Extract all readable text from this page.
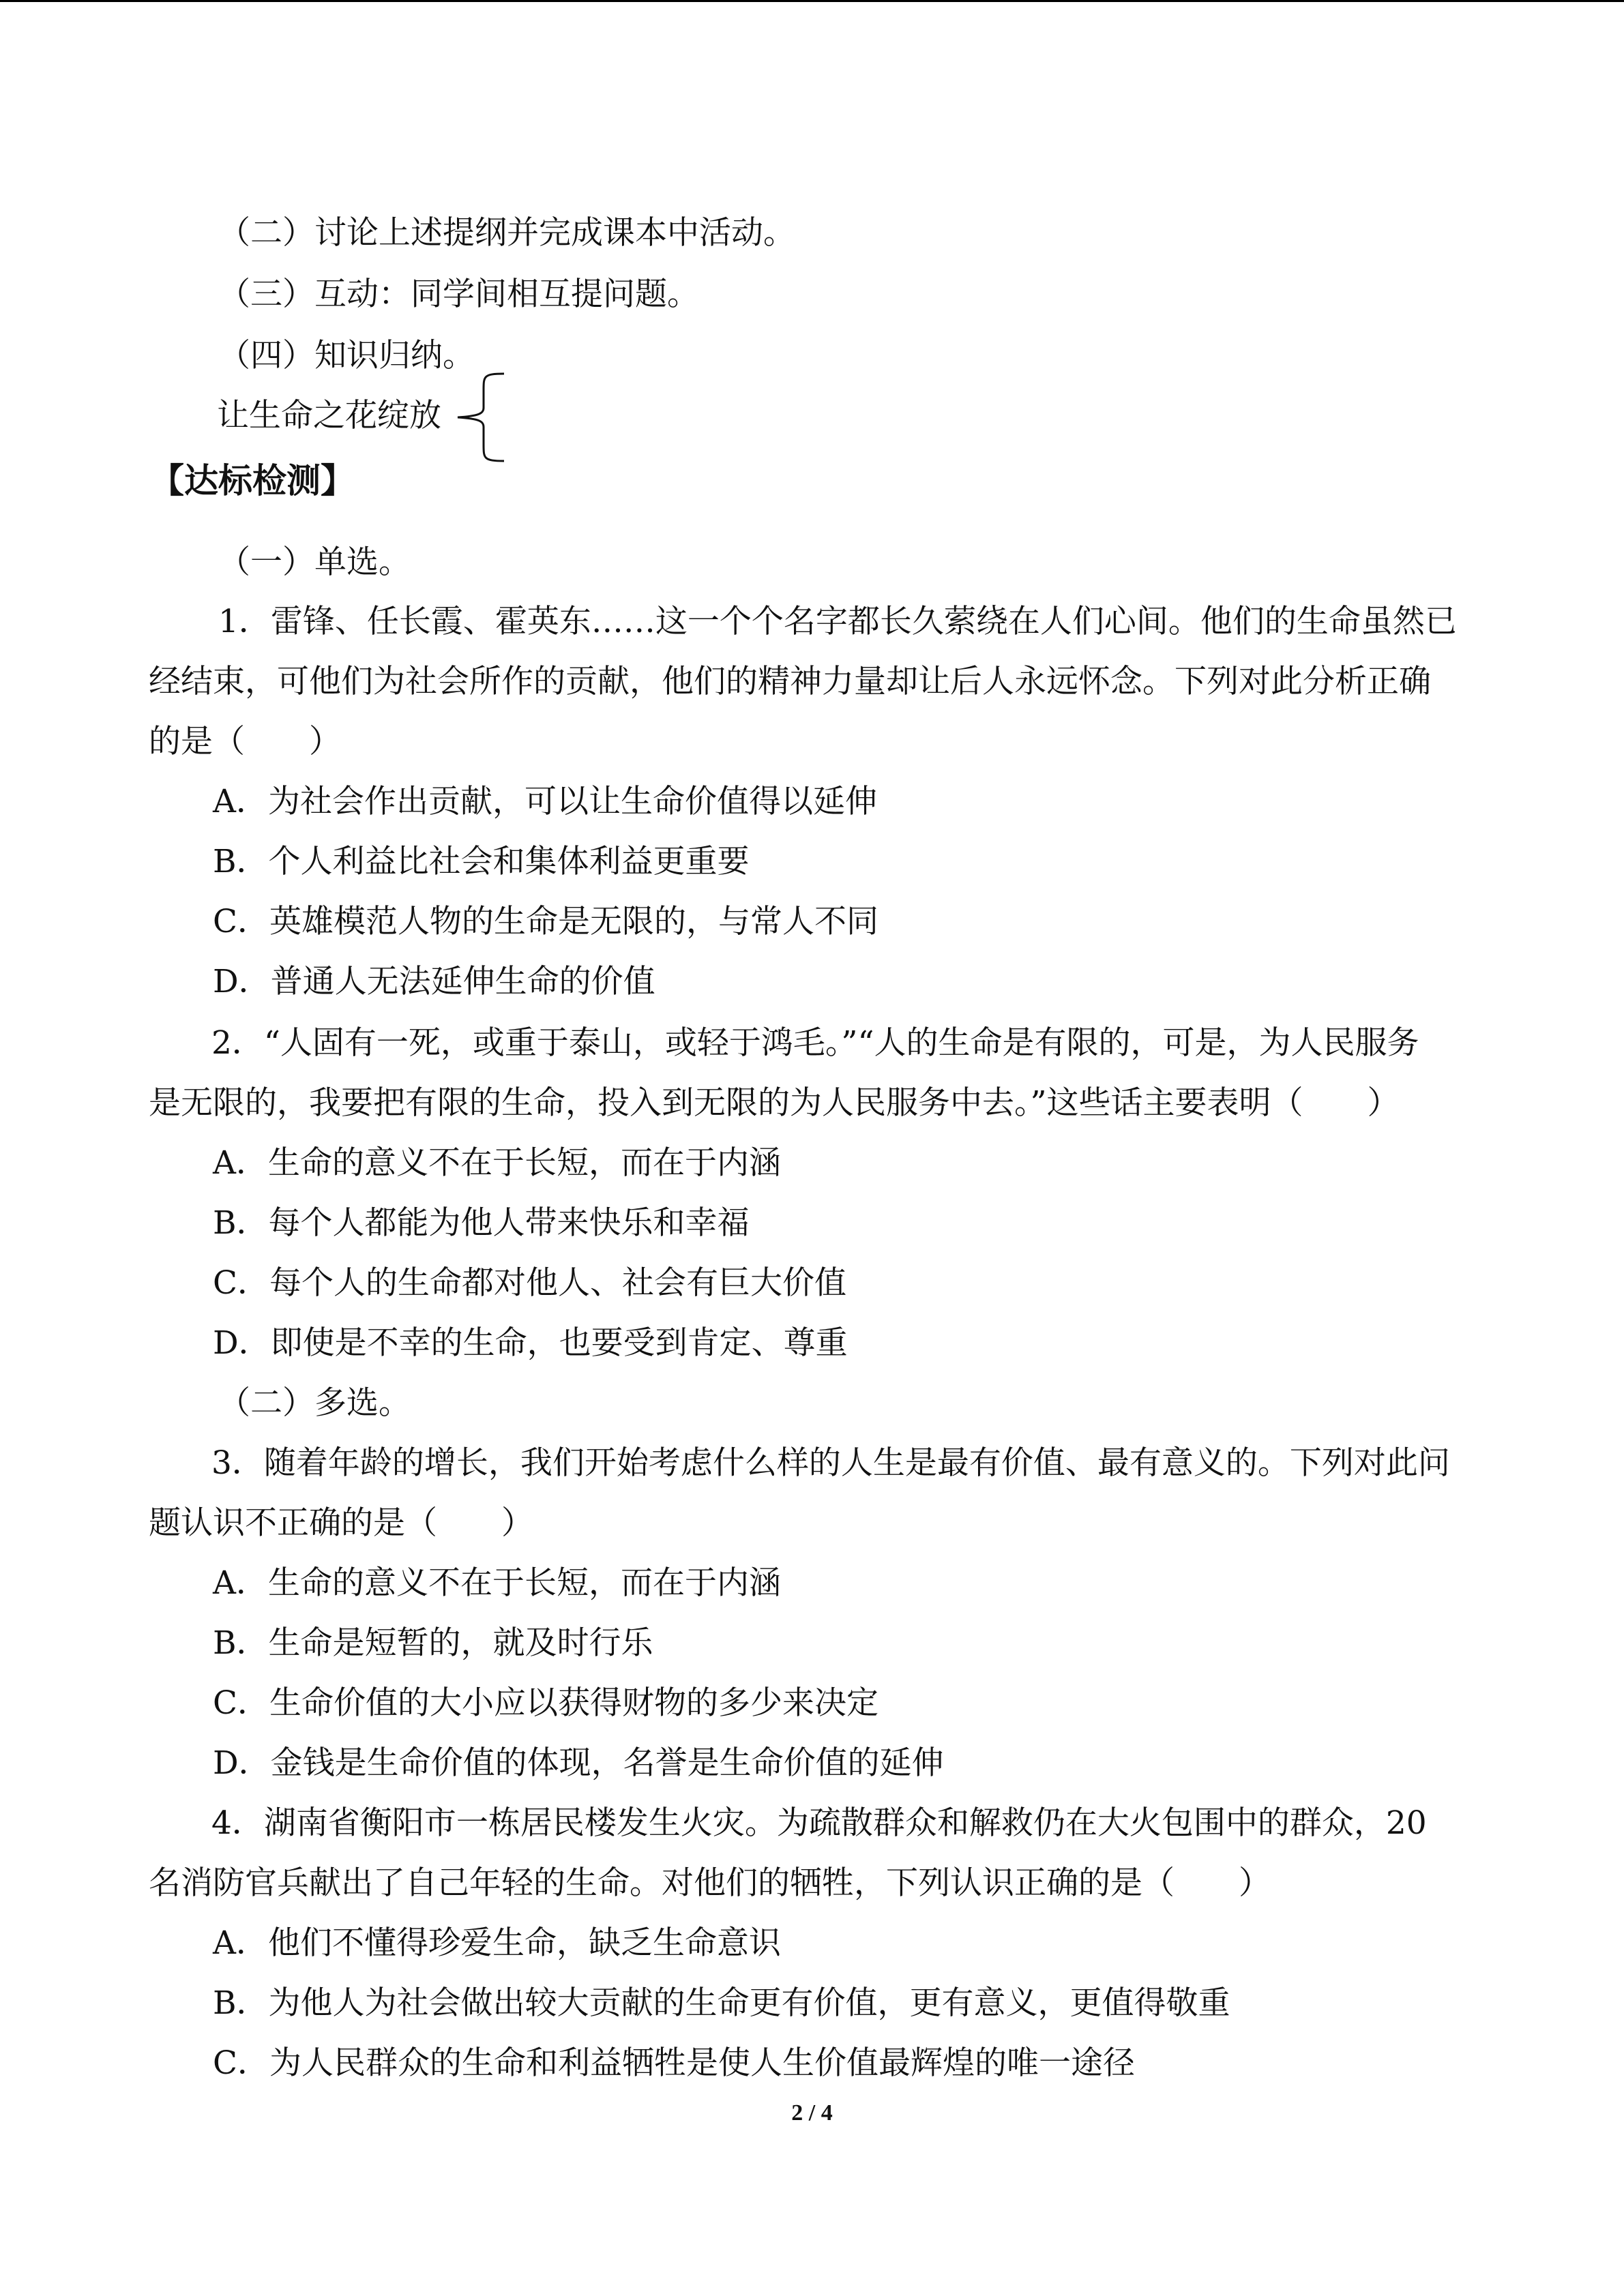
（二）讨论上述提纲并完成课本中活动。
（三）互动：同学间相互提问题。
（四）知识归纳。
让生命之花绽放
【达标检测】
（一）单选。
1．雷锋、任长霞、霍英东……这一个个名字都长久萦绕在人们心间。他们的生命虽然已
经结束，可他们为社会所作的贡献，他们的精神力量却让后人永远怀念。下列对此分析正确
的是（　　）
A．为社会作出贡献，可以让生命价值得以延伸
B．个人利益比社会和集体利益更重要
C．英雄模范人物的生命是无限的，与常人不同
D．普通人无法延伸生命的价值
2．“人固有一死，或重于泰山，或轻于鸿毛。”“人的生命是有限的，可是，为人民服务
是无限的，我要把有限的生命，投入到无限的为人民服务中去。”这些话主要表明（　　）
A．生命的意义不在于长短，而在于内涵
B．每个人都能为他人带来快乐和幸福
C．每个人的生命都对他人、社会有巨大价值
D．即使是不幸的生命，也要受到肯定、尊重
（二）多选。
3．随着年龄的增长，我们开始考虑什么样的人生是最有价值、最有意义的。下列对此问
题认识不正确的是（　　）
A．生命的意义不在于长短，而在于内涵
B．生命是短暂的，就及时行乐
C．生命价值的大小应以获得财物的多少来决定
D．金钱是生命价值的体现，名誉是生命价值的延伸
4．湖南省衡阳市一栋居民楼发生火灾。为疏散群众和解救仍在大火包围中的群众，20
名消防官兵献出了自己年轻的生命。对他们的牺牲，下列认识正确的是（　　）
A．他们不懂得珍爱生命，缺乏生命意识
B．为他人为社会做出较大贡献的生命更有价值，更有意义，更值得敬重
C．为人民群众的生命和利益牺牲是使人生价值最辉煌的唯一途径
2 / 4
